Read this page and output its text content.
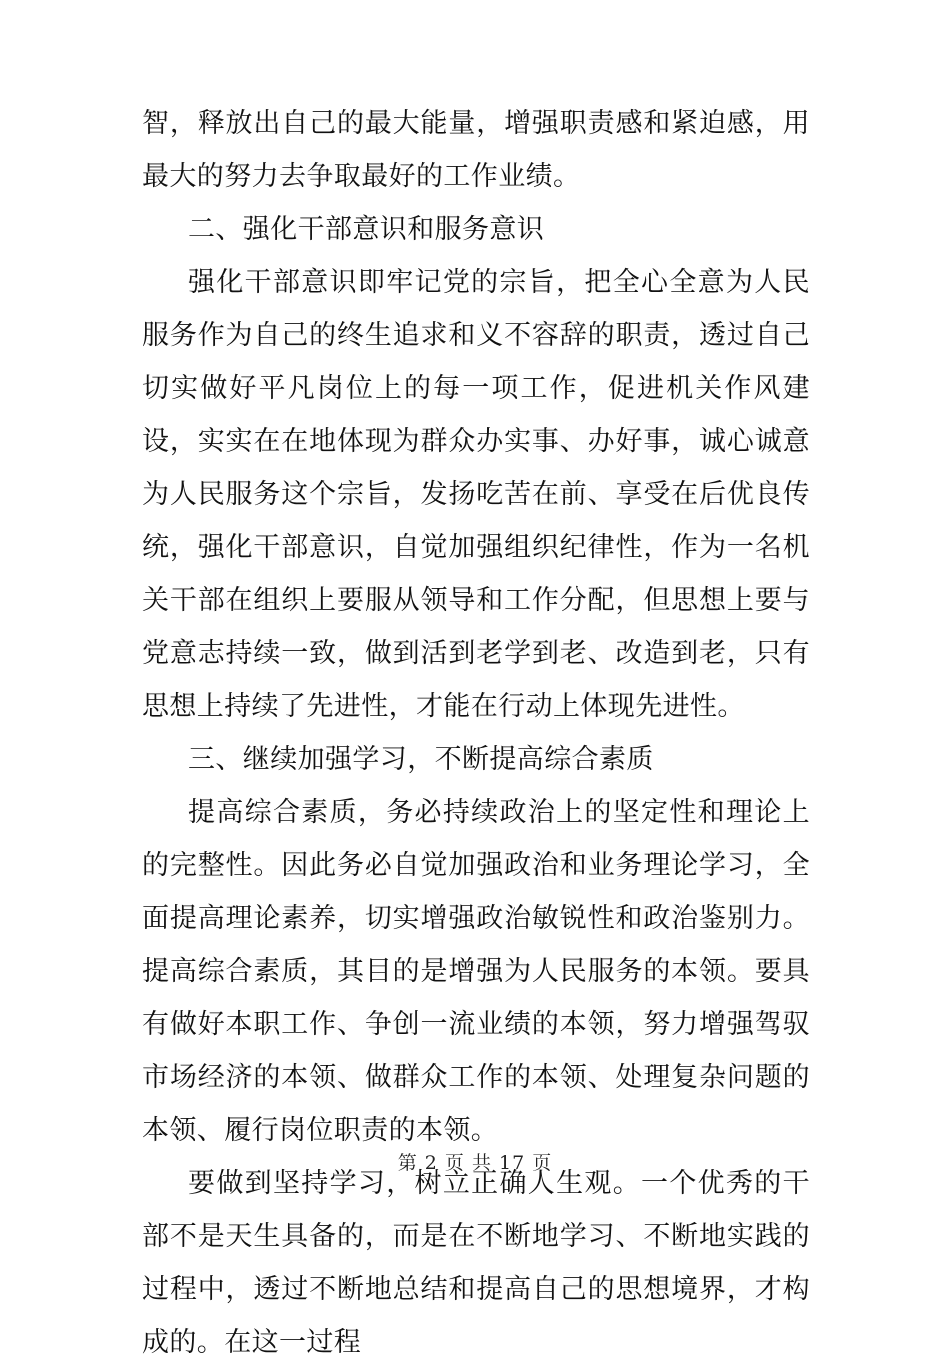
智，释放出自己的最大能量，增强职责感和紧迫感，用最大的努力去争取最好的工作业绩。

二、强化干部意识和服务意识

强化干部意识即牢记党的宗旨，把全心全意为人民服务作为自己的终生追求和义不容辞的职责，透过自己切实做好平凡岗位上的每一项工作，促进机关作风建设，实实在在地体现为群众办实事、办好事，诚心诚意为人民服务这个宗旨，发扬吃苦在前、享受在后优良传统，强化干部意识，自觉加强组织纪律性，作为一名机关干部在组织上要服从领导和工作分配，但思想上要与党意志持续一致，做到活到老学到老、改造到老，只有思想上持续了先进性，才能在行动上体现先进性。

三、继续加强学习，不断提高综合素质

提高综合素质，务必持续政治上的坚定性和理论上的完整性。因此务必自觉加强政治和业务理论学习，全面提高理论素养，切实增强政治敏锐性和政治鉴别力。提高综合素质，其目的是增强为人民服务的本领。要具有做好本职工作、争创一流业绩的本领，努力增强驾驭市场经济的本领、做群众工作的本领、处理复杂问题的本领、履行岗位职责的本领。

要做到坚持学习，树立正确人生观。一个优秀的干部不是天生具备的，而是在不断地学习、不断地实践的过程中，透过不断地总结和提高自己的思想境界，才构成的。在这一过程

第 2 页 共 17 页
